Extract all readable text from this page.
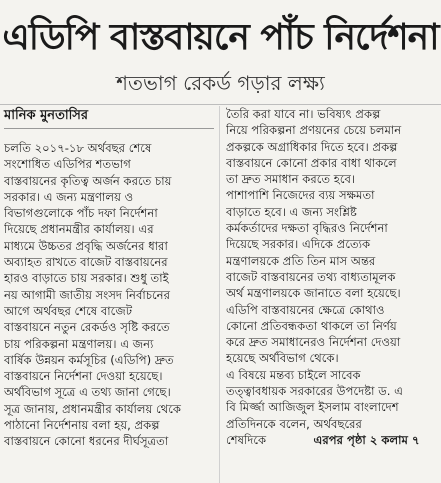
এডিপি বাস্তবায়নে পাঁচ নির্দেশনা
শতভাগ রেকর্ড গড়ার লক্ষ্য
মানিক মুনতাসির
চলতি ২০১৭-১৮ অর্থবছর শেষে
সংশোধিত এডিপির শতভাগ
বাস্তবায়নের কৃতিত্ব অর্জন করতে চায়
সরকার। এ জন্য মন্ত্রণালয় ও
বিভাগগুলোকে পাঁচ দফা নির্দেশনা
দিয়েছে প্রধানমন্ত্রীর কার্যালয়। এর
মাধ্যমে উচ্চতর প্রবৃদ্ধি অর্জনের ধারা
অব্যাহত রাখতে বাজেট বাস্তবায়নের
হারও বাড়াতে চায় সরকার। শুধু তাই
নয় আগামী জাতীয় সংসদ নির্বাচনের
আগে অর্থবছর শেষে বাজেট
বাস্তবায়নে নতুন রেকর্ডও সৃষ্টি করতে
চায় পরিকল্পনা মন্ত্রণালয়। এ জন্য
বার্ষিক উন্নয়ন কর্মসূচির (এডিপি) দ্রুত
বাস্তবায়নে নির্দেশনা দেওয়া হয়েছে।
অর্থবিভাগ সূত্রে এ তথ্য জানা গেছে।
সূত্র জানায়, প্রধানমন্ত্রীর কার্যালয় থেকে
পাঠানো নির্দেশনায় বলা হয়, প্রকল্প
বাস্তবায়নে কোনো ধরনের দীর্ঘসূত্রতা
তৈরি করা যাবে না। ভবিষ্যৎ প্রকল্প
নিয়ে পরিকল্পনা প্রণয়নের চেয়ে চলমান
প্রকল্পকে অগ্রাধিকার দিতে হবে। প্রকল্প
বাস্তবায়নে কোনো প্রকার বাধা থাকলে
তা দ্রুত সমাধান করতে হবে।
পাশাপাশি নিজেদের ব্যয় সক্ষমতা
বাড়াতে হবে। এ জন্য সংশ্লিষ্ট
কর্মকর্তাদের দক্ষতা বৃদ্ধিরও নির্দেশনা
দিয়েছে সরকার। এদিকে প্রত্যেক
মন্ত্রণালয়কে প্রতি তিন মাস অন্তর
বাজেট বাস্তবায়নের তথ্য বাধ্যতামূলক
অর্থ মন্ত্রণালয়কে জানাতে বলা হয়েছে।
এডিপি বাস্তবায়নের ক্ষেত্রে কোথাও
কোনো প্রতিবন্ধকতা থাকলে তা নির্ণয়
করে দ্রুত সমাধানেরও নির্দেশনা দেওয়া
হয়েছে অর্থবিভাগ থেকে।
এ বিষয়ে মন্তব্য চাইলে সাবেক
তত্ত্বাবধায়ক সরকারের উপদেষ্টা ড. এ
বি মির্জ্জা আজিজুল ইসলাম বাংলাদেশ
প্রতিদিনকে বলেন, অর্থবছরের
শেষদিকে	এরপর পৃষ্ঠা ২ কলাম ৭
